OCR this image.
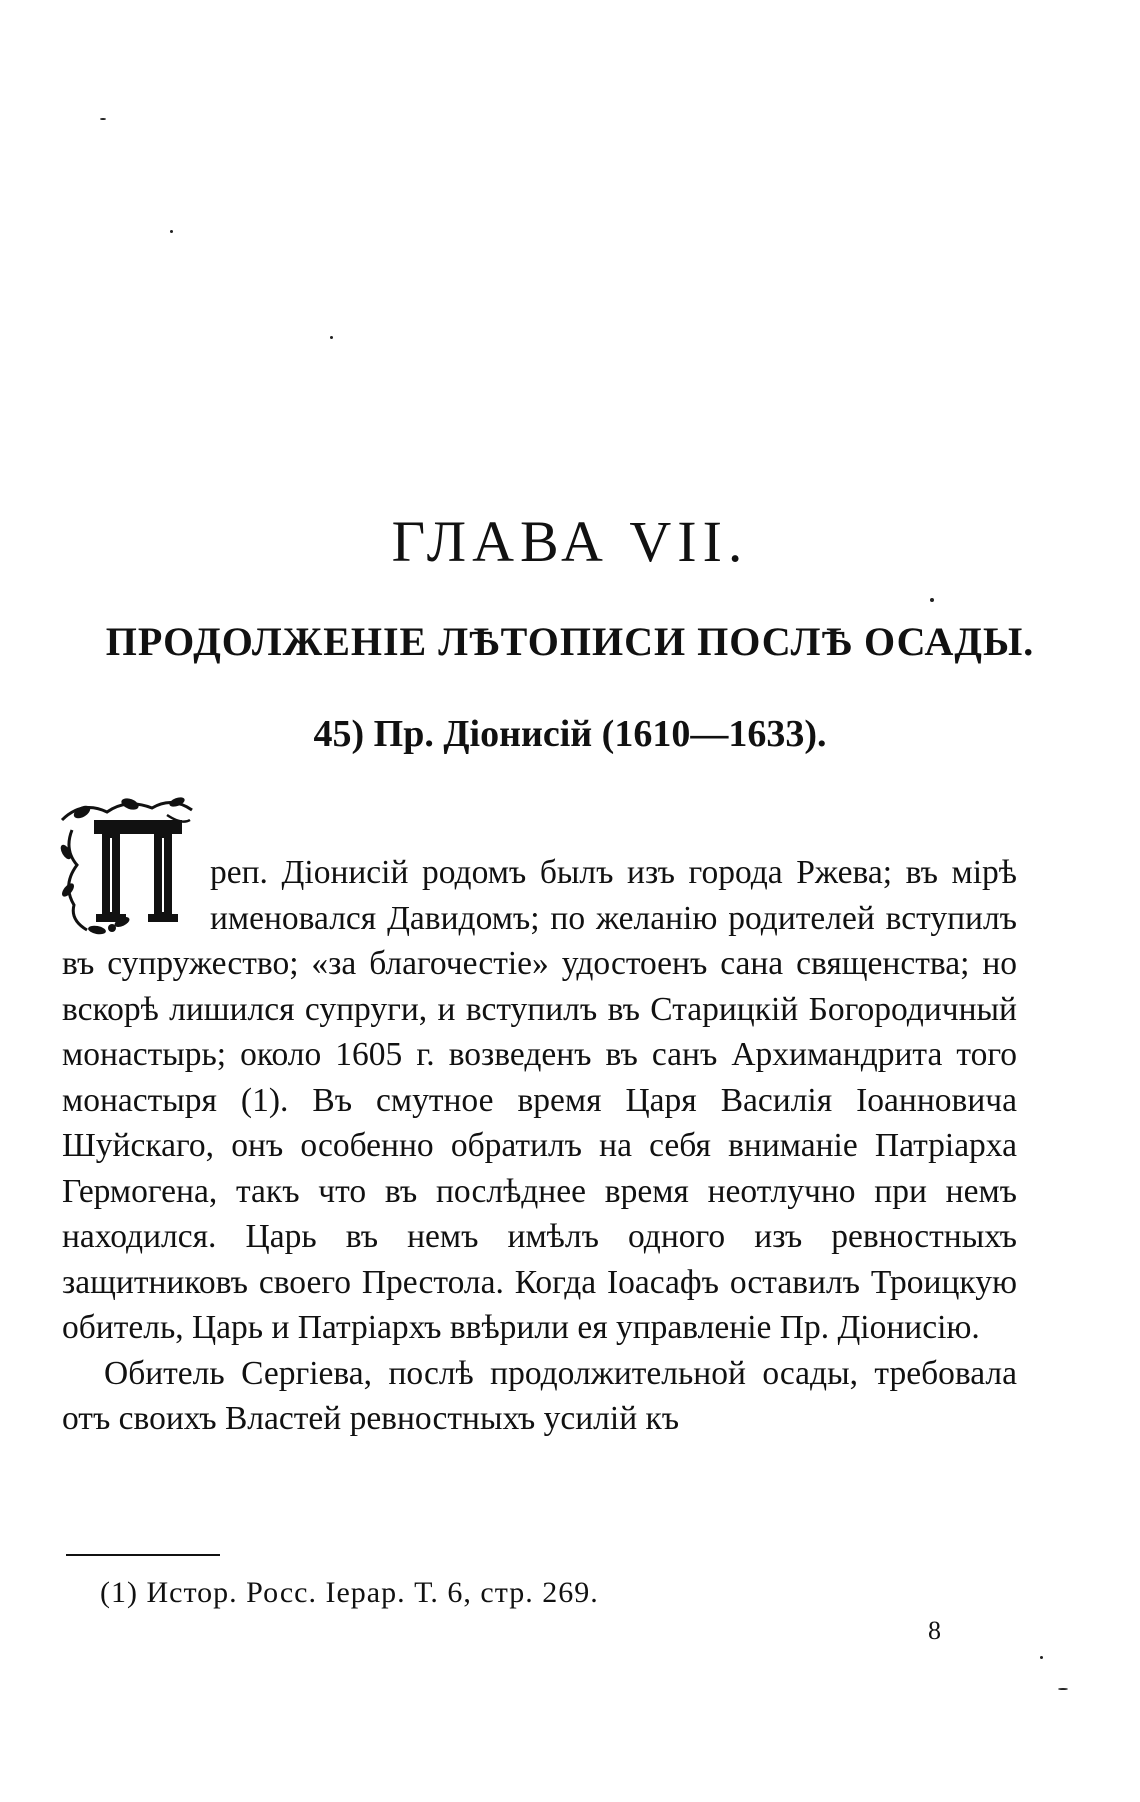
ГЛАВА VII.
ПРОДОЛЖЕНІЕ ЛѢТОПИСИ ПОСЛѢ ОСАДЫ.
45) Пр. Діонисій (1610—1633).

реп. Діонисій родомъ былъ изъ города Ржева; въ мірѣ именовался Давидомъ; по желанію родителей вступилъ въ супружество; «за благочестіе» удостоенъ сана священства; но вскорѣ лишился супруги, и вступилъ въ Старицкій Богородичный монастырь; около 1605 г. возведенъ въ санъ Архимандрита того монастыря (1). Въ смутное время Царя Василія Іоанновича Шуйскаго, онъ особенно обратилъ на себя вниманіе Патріарха Гермогена, такъ что въ послѣднее время неотлучно при немъ находился. Царь въ немъ имѣлъ одного изъ ревностныхъ защитниковъ своего Престола. Когда Іоасафъ оставилъ Троицкую обитель, Царь и Патріархъ ввѣрили ея управленіе Пр. Діонисію.

Обитель Сергіева, послѣ продолжительной осады, требовала отъ своихъ Властей ревностныхъ усилій къ

(1) Истор. Росс. Іерар. Т. 6, стр. 269.

8
